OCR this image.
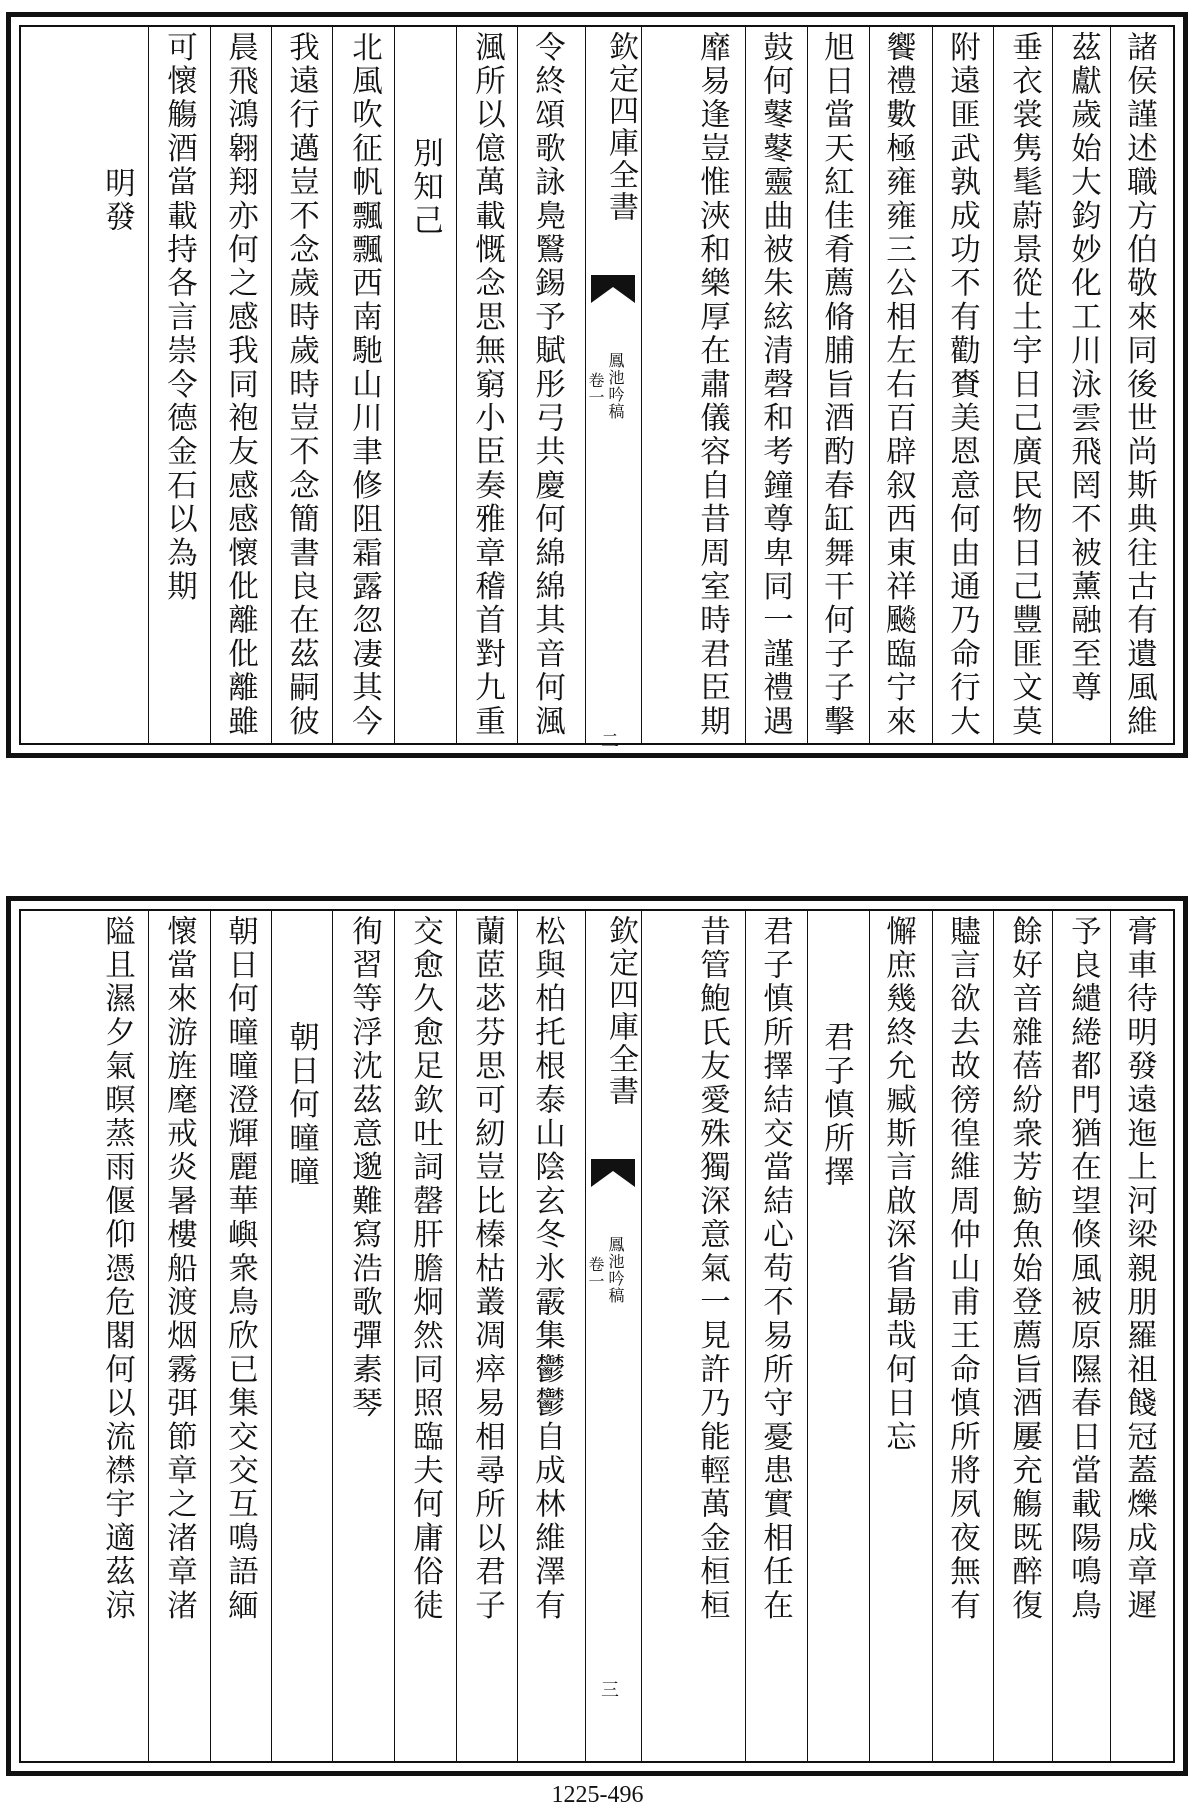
諸侯謹述職方伯敬來同後世尚斯典往古有遺風維
茲獻歲始大鈞妙化工川泳雲飛罔不被薰融至尊
垂衣裳隽髦蔚景從土宇日己廣民物日己豐匪文莫
附遠匪武孰成功不有勸賚美恩意何由通乃命行大
饗禮數極雍雍三公相左右百辟叙西東祥飈臨宁來
旭日當天紅佳肴薦脩脯旨酒酌春缸舞干何子子擊
鼓何鼕鼕靈曲被朱絃清磬和考鐘尊卑同一謹禮遇
靡易逢豈惟浹和樂厚在肅儀容自昔周室時君臣期
欽定四庫全書
鳳池吟稿
卷一
二
令終頌歌詠鳧鷖錫予賦彤弓共慶何綿綿其音何渢
渢所以億萬載慨念思無窮小臣奏雅章稽首對九重
別知己
北風吹征帆飄飄西南馳山川聿修阻霜露忽凄其今
我遠行邁豈不念歲時歲時豈不念簡書良在茲嗣彼
晨飛鴻翱翔亦何之感我同袍友感感懷仳離仳離雖
可懷觴酒當載持各言崇令德金石以為期
明發
膏車待明發遠迤上河梁親朋羅祖餞冠蓋爍成章遲
予良繾綣都門猶在望倏風被原隰春日當載陽鳴鳥
餘好音雜蓓紛衆芳魴魚始登薦旨酒屢充觴既醉復
贐言欲去故徬徨維周仲山甫王命慎所將夙夜無有
懈庶幾終允臧斯言啟深省朂哉何日忘
君子慎所擇
君子慎所擇結交當結心苟不易所守憂患實相任在
昔管鮑氏友愛殊獨深意氣一見許乃能輕萬金桓桓
欽定四庫全書
鳳池吟稿
卷一
三
松與柏托根泰山陰玄冬氷霰集鬱鬱自成林維澤有
蘭茝苾芬思可紉豈比榛枯叢凋瘁易相尋所以君子
交愈久愈足欽吐詞罄肝膽炯然同照臨夫何庸俗徒
徇習等浮沈茲意邈難寫浩歌彈素琴
朝日何曈曈
朝日何曈曈澄輝麗華嶼衆鳥欣已集交交互鳴語緬
懷當來游旌麾戒炎暑樓船渡烟霧弭節章之渚章渚
隘且濕夕氣暝蒸雨偃仰憑危閣何以流襟宇適茲涼
1225-496
